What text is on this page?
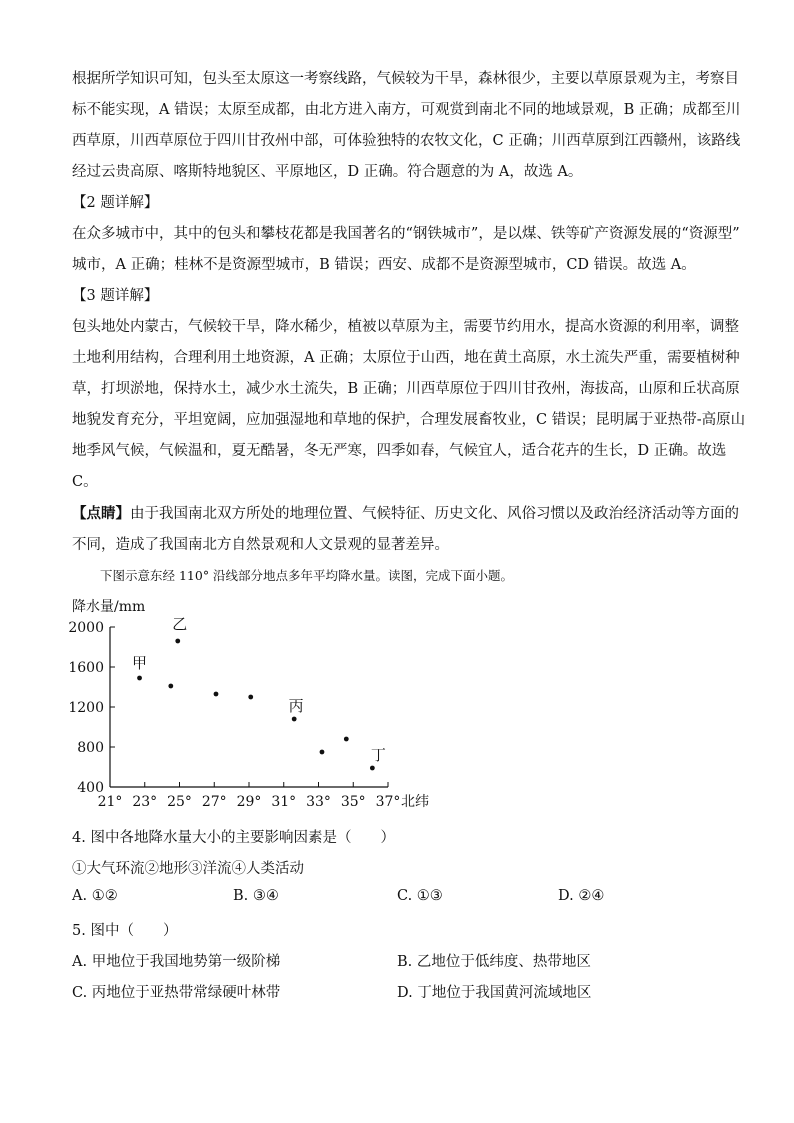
根据所学知识可知，包头至太原这一考察线路，气候较为干旱，森林很少，主要以草原景观为主，考察目
标不能实现，A 错误；太原至成都，由北方进入南方，可观赏到南北不同的地域景观，B 正确；成都至川
西草原，川西草原位于四川甘孜州中部，可体验独特的农牧文化，C 正确；川西草原到江西赣州，该路线
经过云贵高原、喀斯特地貌区、平原地区，D 正确。符合题意的为 A，故选 A。
【2 题详解】
在众多城市中，其中的包头和攀枝花都是我国著名的“钢铁城市”，是以煤、铁等矿产资源发展的“资源型”
城市，A 正确；桂林不是资源型城市，B 错误；西安、成都不是资源型城市，CD 错误。故选 A。
【3 题详解】
包头地处内蒙古，气候较干旱，降水稀少，植被以草原为主，需要节约用水，提高水资源的利用率，调整
土地利用结构，合理利用土地资源，A 正确；太原位于山西，地在黄土高原，水土流失严重，需要植树种
草，打坝淤地，保持水土，减少水土流失，B 正确；川西草原位于四川甘孜州，海拔高，山原和丘状高原
地貌发育充分，平坦宽阔，应加强湿地和草地的保护，合理发展畜牧业，C 错误；昆明属于亚热带-高原山
地季风气候，气候温和，夏无酷暑，冬无严寒，四季如春，气候宜人，适合花卉的生长，D 正确。故选
C。
【点睛】由于我国南北双方所处的地理位置、气候特征、历史文化、风俗习惯以及政治经济活动等方面的
不同，造成了我国南北方自然景观和人文景观的显著差异。

下图示意东经 110° 沿线部分地点多年平均降水量。读图，完成下面小题。

400
800
1200
1600
2000
21° 23° 25° 27° 29° 31° 33° 35° 37°
降水量/mm
北纬
甲
乙
丙
丁

4. 图中各地降水量大小的主要影响因素是（　　）

①大气环流②地形③洋流④人类活动

A. ①②	B. ③④	C. ①③	D. ②④

5. 图中（　　）

A. 甲地位于我国地势第一级阶梯	B. 乙地位于低纬度、热带地区
C. 丙地位于亚热带常绿硬叶林带	D. 丁地位于我国黄河流域地区
